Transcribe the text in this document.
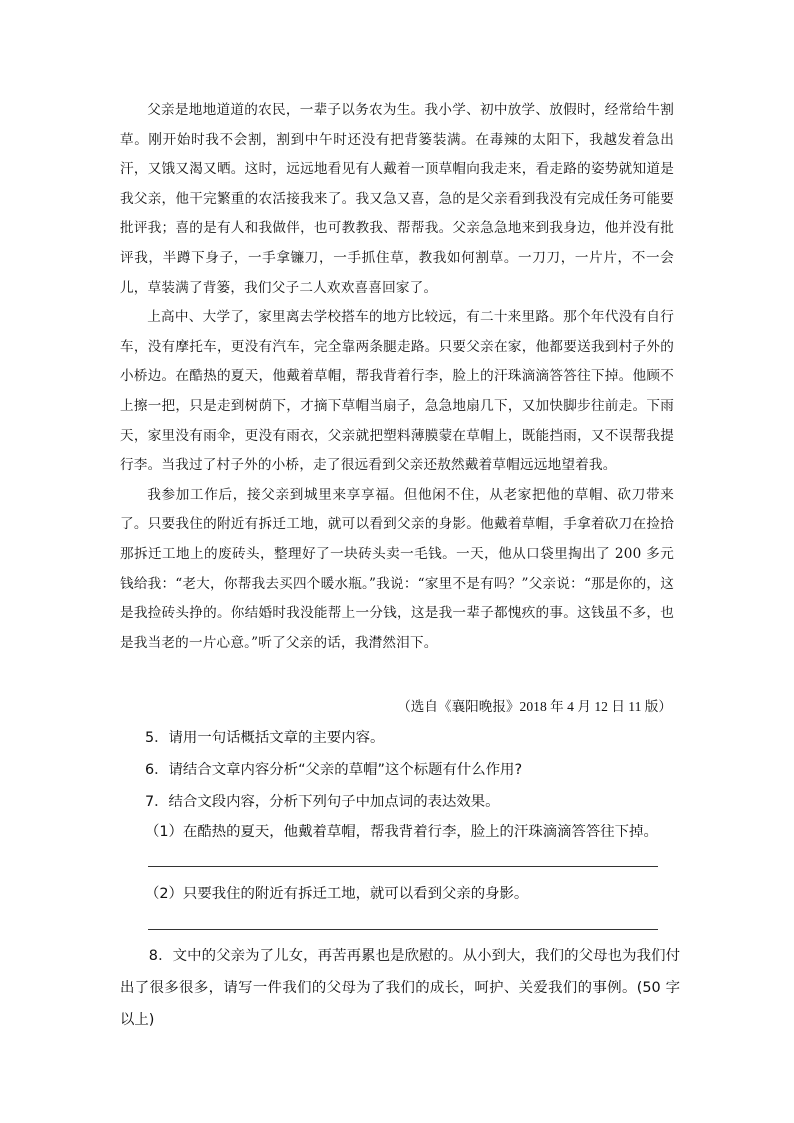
父亲是地地道道的农民，一辈子以务农为生。我小学、初中放学、放假时，经常给牛割草。刚开始时我不会割，割到中午时还没有把背篓装满。在毒辣的太阳下，我越发着急出汗，又饿又渴又晒。这时，远远地看见有人戴着一顶草帽向我走来，看走路的姿势就知道是我父亲，他干完繁重的农活接我来了。我又急又喜，急的是父亲看到我没有完成任务可能要批评我；喜的是有人和我做伴，也可教教我、帮帮我。父亲急急地来到我身边，他并没有批评我，半蹲下身子，一手拿镰刀，一手抓住草，教我如何割草。一刀刀，一片片，不一会儿，草装满了背篓，我们父子二人欢欢喜喜回家了。

上高中、大学了，家里离去学校搭车的地方比较远，有二十来里路。那个年代没有自行车，没有摩托车，更没有汽车，完全靠两条腿走路。只要父亲在家，他都要送我到村子外的小桥边。在酷热的夏天，他戴着草帽，帮我背着行李，脸上的汗珠滴滴答答往下掉。他顾不上擦一把，只是走到树荫下，才摘下草帽当扇子，急急地扇几下，又加快脚步往前走。下雨天，家里没有雨伞，更没有雨衣，父亲就把塑料薄膜蒙在草帽上，既能挡雨，又不误帮我提行李。当我过了村子外的小桥，走了很远看到父亲还敖然戴着草帽远远地望着我。

我参加工作后，接父亲到城里来享享福。但他闲不住，从老家把他的草帽、砍刀带来了。只要我住的附近有拆迁工地，就可以看到父亲的身影。他戴着草帽，手拿着砍刀在捡拾那拆迁工地上的废砖头，整理好了一块砖头卖一毛钱。一天，他从口袋里掏出了 200 多元钱给我：“老大，你帮我去买四个暖水瓶。”我说：“家里不是有吗？”父亲说：“那是你的，这是我捡砖头挣的。你结婚时我没能帮上一分钱，这是我一辈子都愧疚的事。这钱虽不多，也是我当老的一片心意。”听了父亲的话，我潸然泪下。

（选自《襄阳晚报》2018 年 4 月 12 日 11 版）
5．请用一句话概括文章的主要内容。
6．请结合文章内容分析“父亲的草帽”这个标题有什么作用?
7．结合文段内容，分析下列句子中加点词的表达效果。
（1）在酷热的夏天，他戴着草帽，帮我背着行李，脸上的汗珠滴滴答答往下掉。
（2）只要我住的附近有拆迁工地，就可以看到父亲的身影。
8．文中的父亲为了儿女，再苦再累也是欣慰的。从小到大，我们的父母也为我们付出了很多很多，请写一件我们的父母为了我们的成长，呵护、关爱我们的事例。(50 字以上)
